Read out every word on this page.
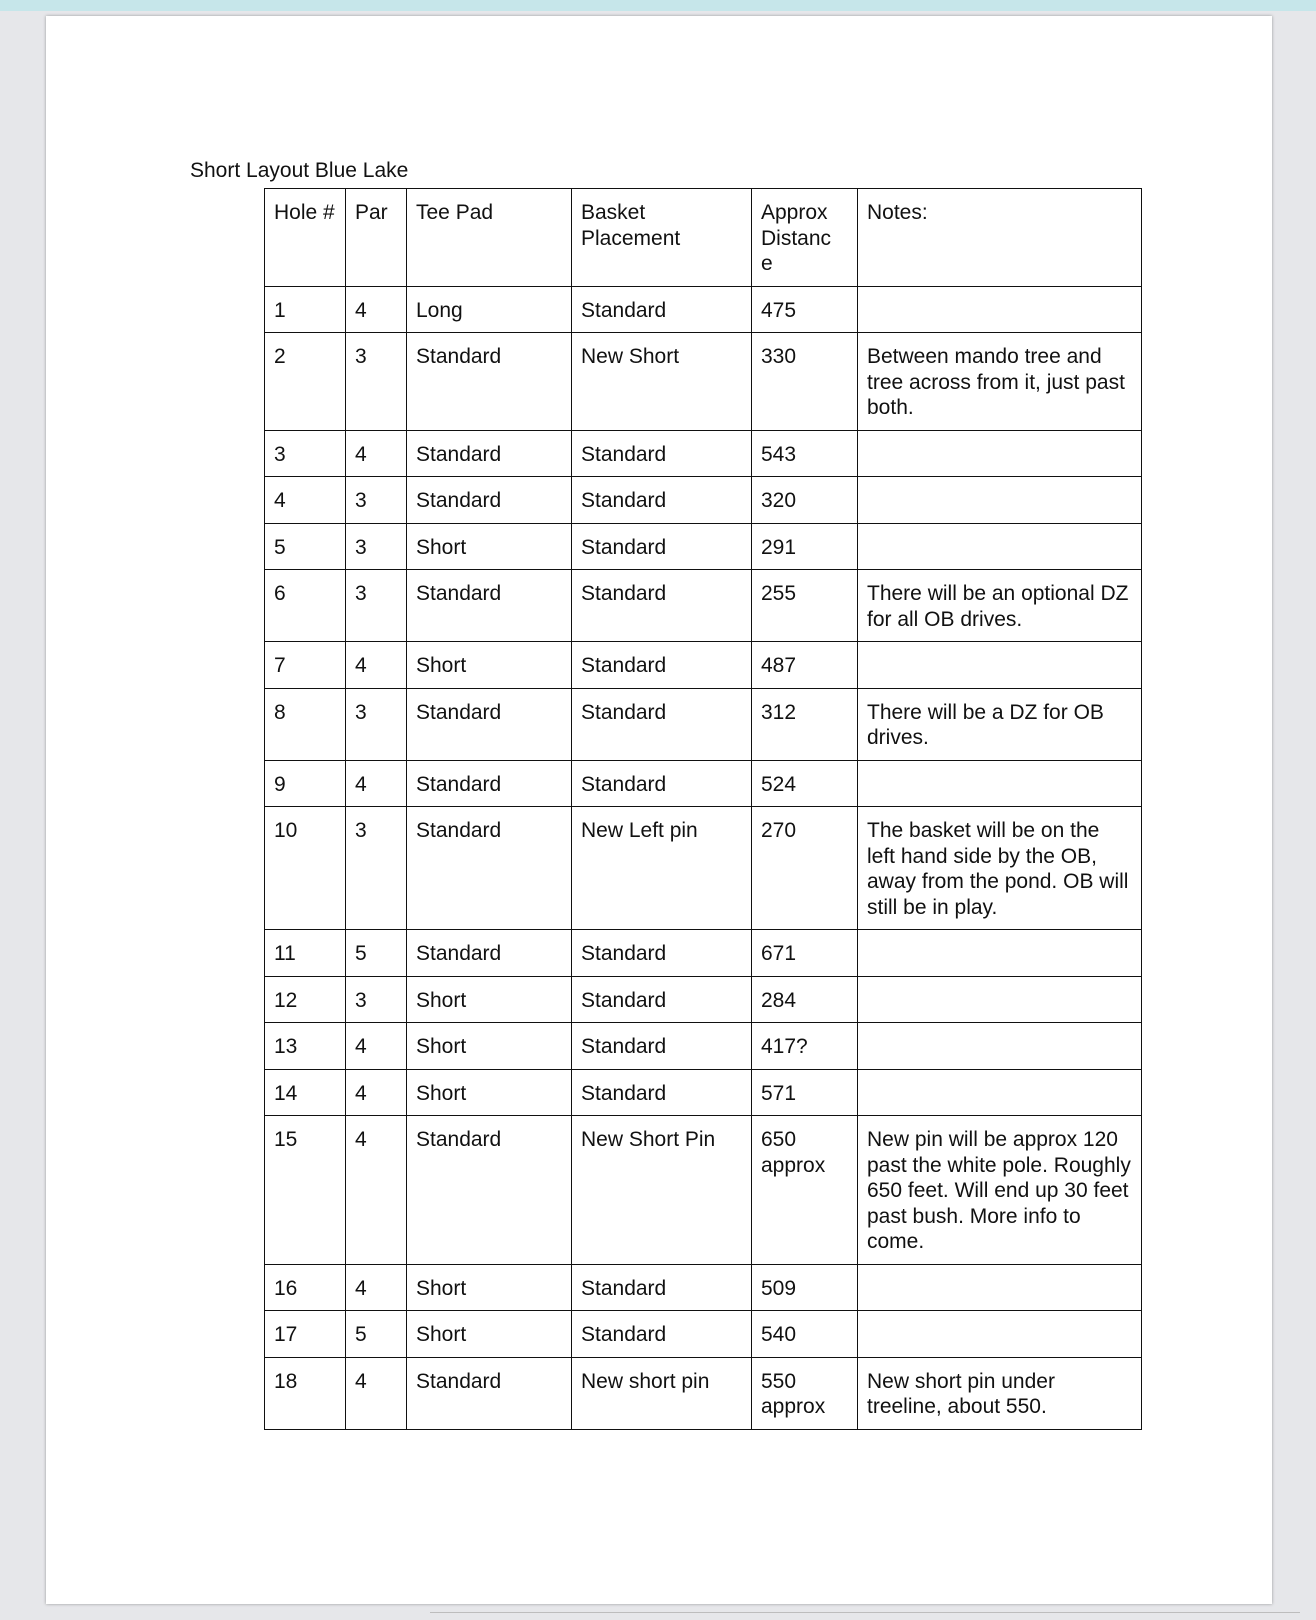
Short Layout Blue Lake
Hole #	Par	Tee Pad	Basket Placement	Approx Distanc e	Notes:
1	4	Long	Standard	475	
2	3	Standard	New Short	330	Between mando tree and tree across from it, just past both.
3	4	Standard	Standard	543	
4	3	Standard	Standard	320	
5	3	Short	Standard	291	
6	3	Standard	Standard	255	There will be an optional DZ for all OB drives.
7	4	Short	Standard	487	
8	3	Standard	Standard	312	There will be a DZ for OB drives.
9	4	Standard	Standard	524	
10	3	Standard	New Left pin	270	The basket will be on the left hand side by the OB, away from the pond. OB will still be in play.
11	5	Standard	Standard	671	
12	3	Short	Standard	284	
13	4	Short	Standard	417?	
14	4	Short	Standard	571	
15	4	Standard	New Short Pin	650 approx	New pin will be approx 120 past the white pole. Roughly 650 feet. Will end up 30 feet past bush. More info to come.
16	4	Short	Standard	509	
17	5	Short	Standard	540	
18	4	Standard	New short pin	550 approx	New short pin under treeline, about 550.
